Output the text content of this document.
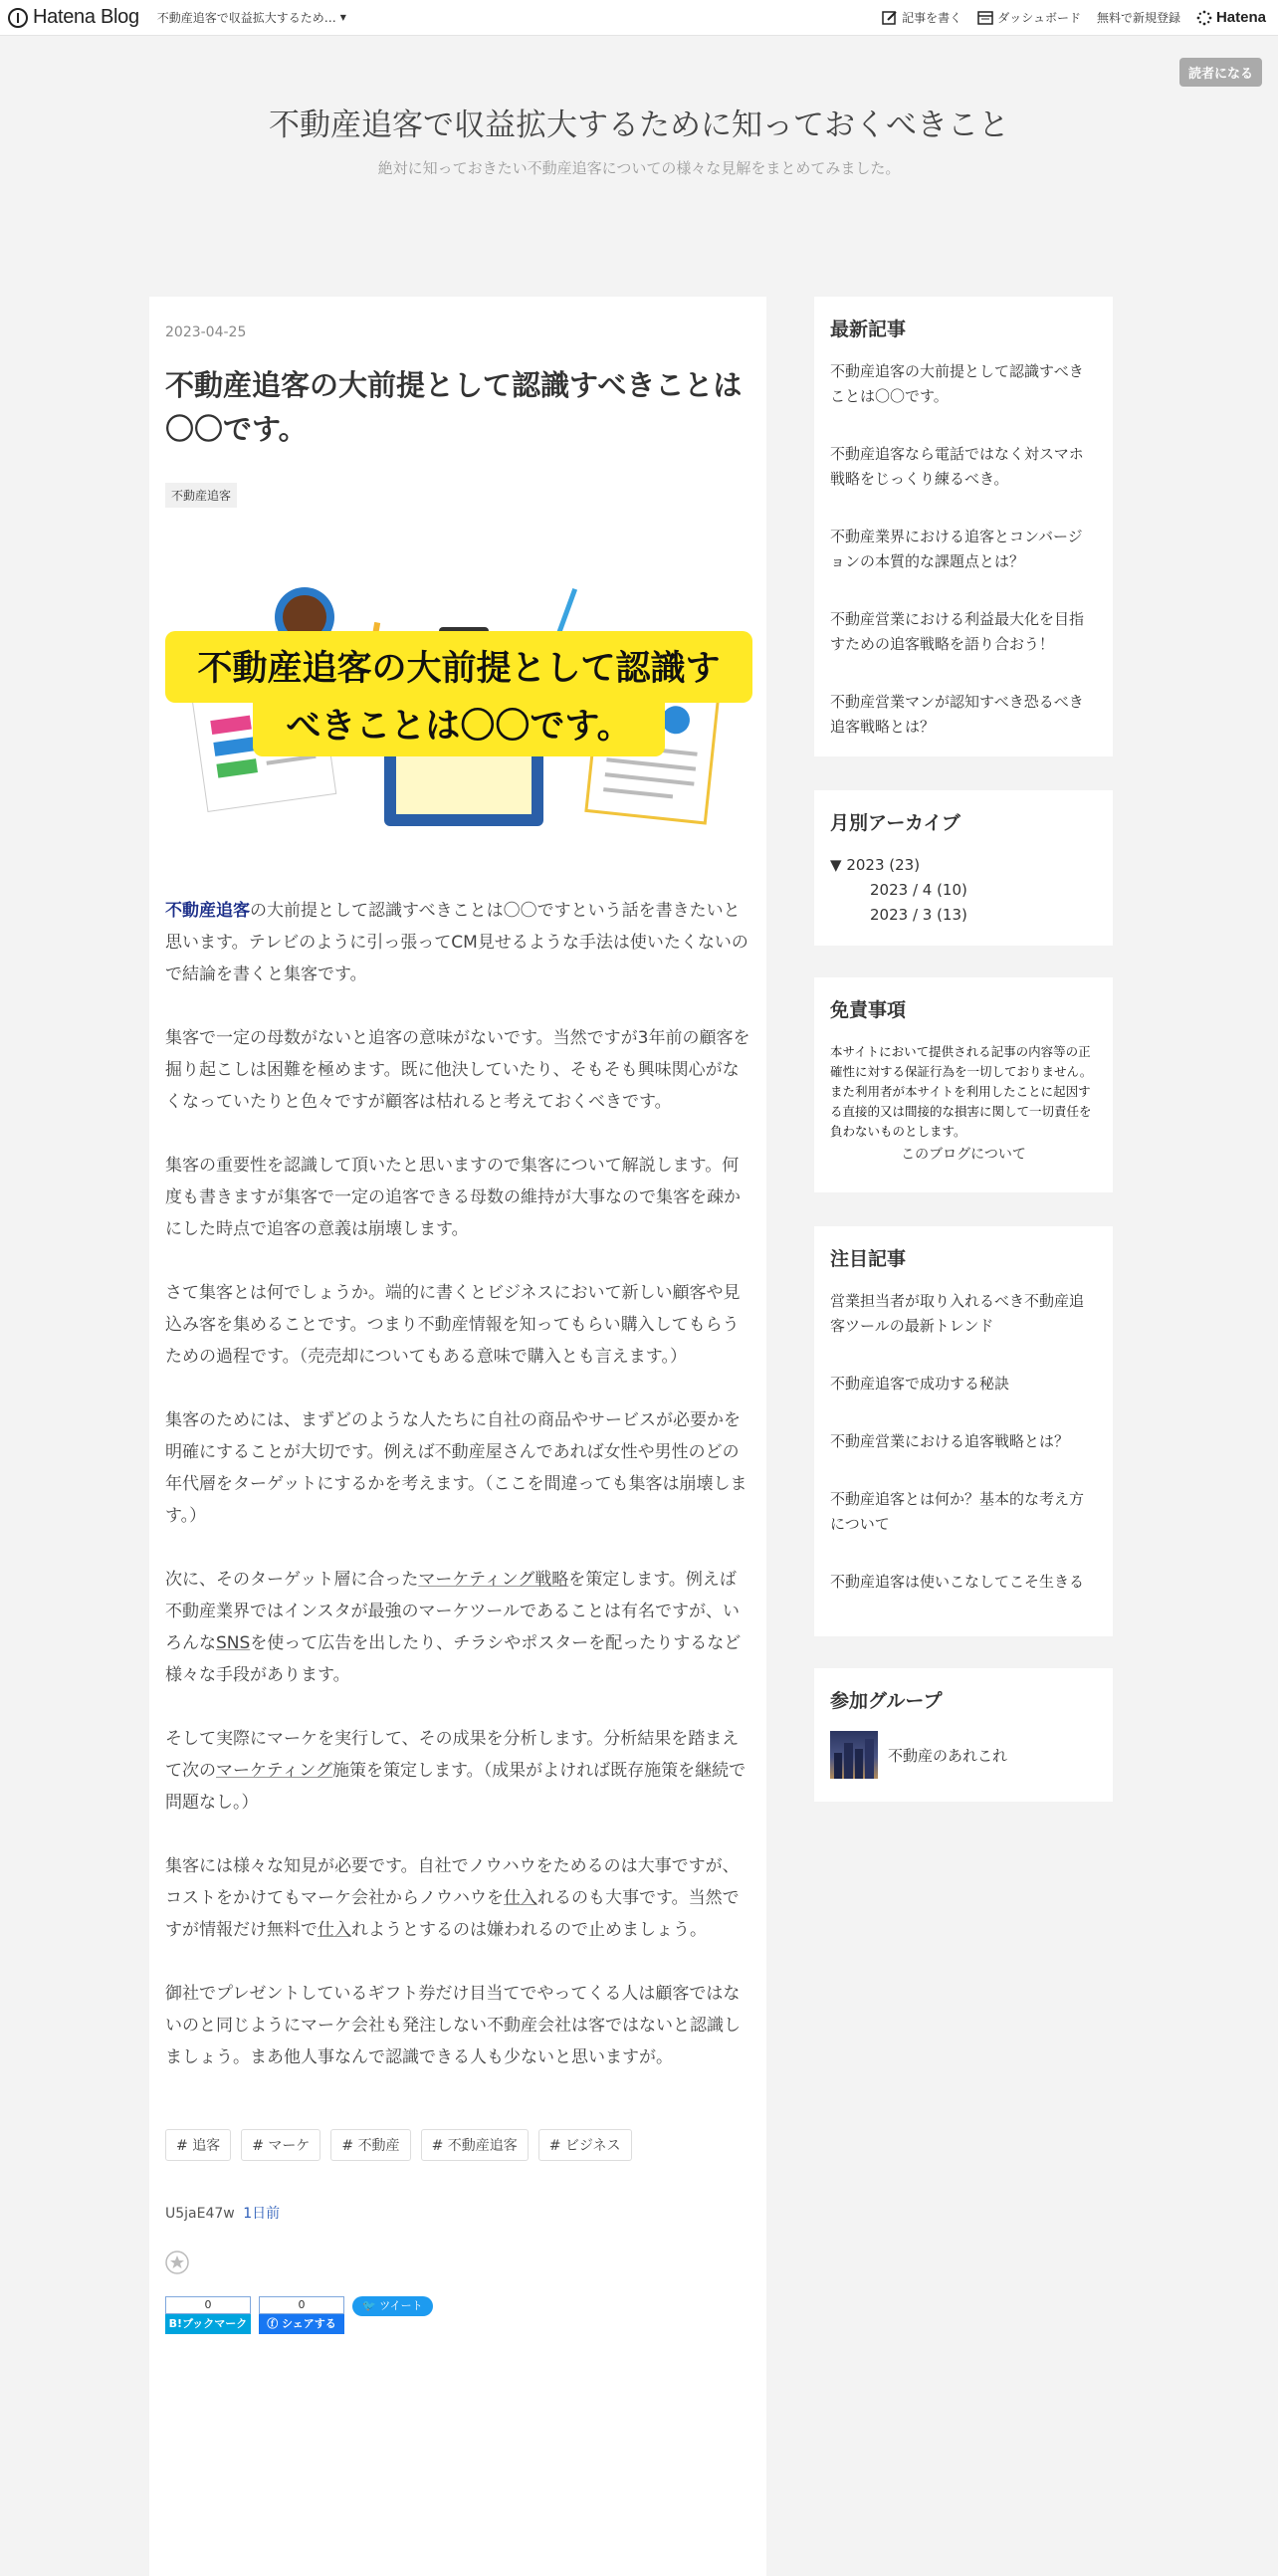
Hatena Blog 不動産追客で収益拡大するため… ▼	記事を書く	ダッシュボード 無料で新規登録 Hatena
読者になる
不動産追客で収益拡大するために知っておくべきこと
絶対に知っておきたい不動産追客についての様々な見解をまとめてみました。
2023-04-25
不動産追客の大前提として認識すべきことは〇〇です。
不動産追客
不動産追客の大前提として認識す
べきことは〇〇です。

不動産追客の大前提として認識すべきことは〇〇ですという話を書きたいと思います。テレビのように引っ張ってCM見せるような手法は使いたくないので結論を書くと集客です。

集客で一定の母数がないと追客の意味がないです。当然ですが3年前の顧客を掘り起こしは困難を極めます。既に他決していたり、そもそも興味関心がなくなっていたりと色々ですが顧客は枯れると考えておくべきです。

集客の重要性を認識して頂いたと思いますので集客について解説します。何度も書きますが集客で一定の追客できる母数の維持が大事なので集客を疎かにした時点で追客の意義は崩壊します。

さて集客とは何でしょうか。端的に書くとビジネスにおいて新しい顧客や見込み客を集めることです。つまり不動産情報を知ってもらい購入してもらうための過程です。（売売却についてもある意味で購入とも言えます。）

集客のためには、まずどのような人たちに自社の商品やサービスが必要かを明確にすることが大切です。例えば不動産屋さんであれば女性や男性のどの年代層をターゲットにするかを考えます。（ここを間違っても集客は崩壊します。）

次に、そのターゲット層に合ったマーケティング戦略を策定します。例えば不動産業界ではインスタが最強のマーケツールであることは有名ですが、いろんなSNSを使って広告を出したり、チラシやポスターを配ったりするなど様々な手段があります。

そして実際にマーケを実行して、その成果を分析します。分析結果を踏まえて次のマーケティング施策を策定します。（成果がよければ既存施策を継続で問題なし。）

集客には様々な知見が必要です。自社でノウハウをためるのは大事ですが、コストをかけてもマーケ会社からノウハウを仕入れるのも大事です。当然ですが情報だけ無料で仕入れようとするのは嫌われるので止めましょう。

御社でプレゼントしているギフト券だけ目当てでやってくる人は顧客ではないのと同じようにマーケ会社も発注しない不動産会社は客ではないと認識しましょう。まあ他人事なんで認識できる人も少ないと思いますが。

# 追客	# マーケ	# 不動産	# 不動産追客	# ビジネス
U5jaE47w 1日前
0
B!ブックマーク
0
ⓕ シェアする
🐦 ツイート
最新記事
不動産追客の大前提として認識すべきことは〇〇です。
不動産追客なら電話ではなく対スマホ戦略をじっくり練るべき。
不動産業界における追客とコンバージョンの本質的な課題点とは？
不動産営業における利益最大化を目指すための追客戦略を語り合おう！
不動産営業マンが認知すべき恐るべき追客戦略とは？
月別アーカイブ
▼ 2023 (23)
2023 / 4 (10)
2023 / 3 (13)
免責事項
本サイトにおいて提供される記事の内容等の正確性に対する保証行為を一切しておりません。また利用者が本サイトを利用したことに起因する直接的又は間接的な損害に関して一切責任を負わないものとします。
このブログについて
注目記事
営業担当者が取り入れるべき不動産追客ツールの最新トレンド
不動産追客で成功する秘訣
不動産営業における追客戦略とは？
不動産追客とは何か？基本的な考え方について
不動産追客は使いこなしてこそ生きる
参加グループ
不動産のあれこれ
